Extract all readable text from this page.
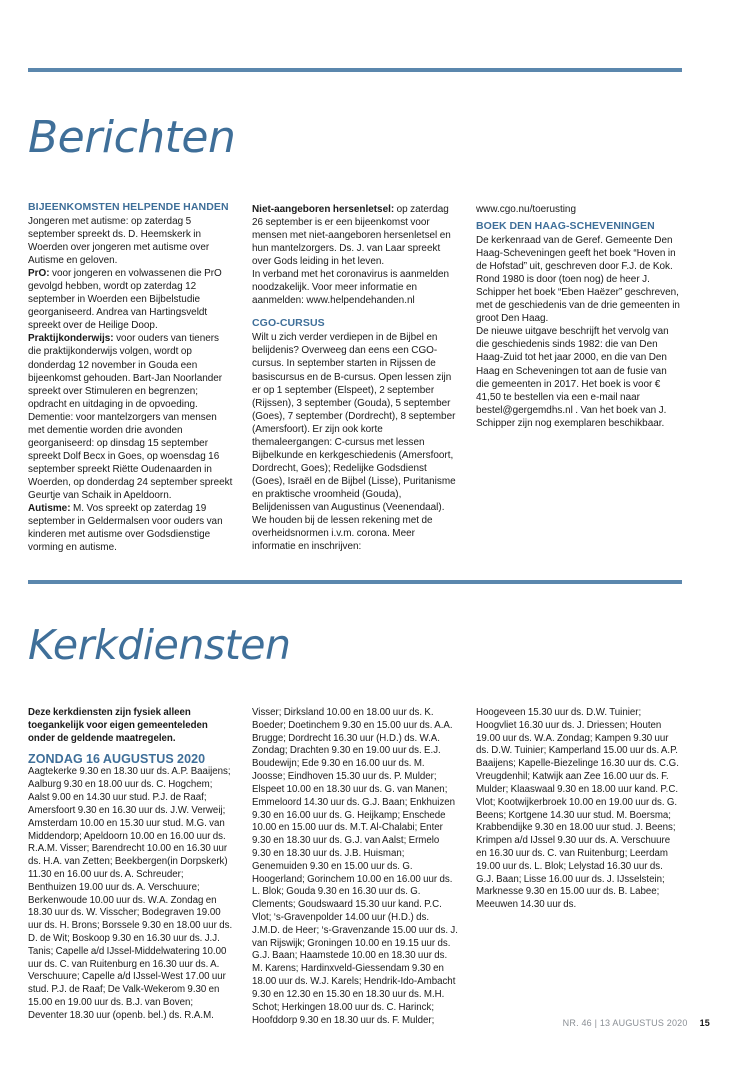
Berichten
BIJEENKOMSTEN HELPENDE HANDEN

Jongeren met autisme: op zaterdag 5 september spreekt ds. D. Heemskerk in Woerden over jongeren met autisme over Autisme en geloven.

PrO: voor jongeren en volwassenen die PrO gevolgd hebben, wordt op zaterdag 12 september in Woerden een Bijbelstudie georganiseerd. Andrea van Hartingsveldt spreekt over de Heilige Doop.

Praktijkonderwijs: voor ouders van tieners die praktijkonderwijs volgen, wordt op donderdag 12 november in Gouda een bijeenkomst gehouden. Bart-Jan Noorlander spreekt over Stimuleren en begrenzen; opdracht en uitdaging in de opvoeding.

Dementie: voor mantelzorgers van mensen met dementie worden drie avonden georganiseerd: op dinsdag 15 september spreekt Dolf Becx in Goes, op woensdag 16 september spreekt Riëtte Oudenaarden in Woerden, op donderdag 24 september spreekt Geurtje van Schaik in Apeldoorn.

Autisme: M. Vos spreekt op zaterdag 19 september in Geldermalsen voor ouders van kinderen met autisme over Godsdienstige vorming en autisme.

Niet-aangeboren hersenletsel: op zaterdag 26 september is er een bijeenkomst voor mensen met niet-aangeboren hersenletsel en hun mantelzorgers. Ds. J. van Laar spreekt over Gods leiding in het leven.

In verband met het coronavirus is aanmelden noodzakelijk. Voor meer informatie en aanmelden: www.helpendehanden.nl

CGO-CURSUS

Wilt u zich verder verdiepen in de Bijbel en belijdenis? Overweeg dan eens een CGO-cursus. In september starten in Rijssen de basiscursus en de B-cursus. Open lessen zijn er op 1 september (Elspeet), 2 september (Rijssen), 3 september (Gouda), 5 september (Goes), 7 september (Dordrecht), 8 september (Amersfoort). Er zijn ook korte themaleergangen: C-cursus met lessen Bijbelkunde en kerkgeschiedenis (Amersfoort, Dordrecht, Goes); Redelijke Godsdienst (Goes), Israël en de Bijbel (Lisse), Puritanisme en praktische vroomheid (Gouda), Belijdenissen van Augustinus (Veenendaal).

We houden bij de lessen rekening met de overheidsnormen i.v.m. corona. Meer informatie en inschrijven:

www.cgo.nu/toerusting

BOEK DEN HAAG-SCHEVENINGEN

De kerkenraad van de Geref. Gemeente Den Haag-Scheveningen geeft het boek “Hoven in de Hofstad” uit, geschreven door F.J. de Kok. Rond 1980 is door (toen nog) de heer J. Schipper het boek “Eben Haëzer” geschreven, met de geschiedenis van de drie gemeenten in groot Den Haag.

De nieuwe uitgave beschrijft het vervolg van die geschiedenis sinds 1982: die van Den Haag-Zuid tot het jaar 2000, en die van Den Haag en Scheveningen tot aan de fusie van die gemeenten in 2017. Het boek is voor € 41,50 te bestellen via een e-mail naar bestel@gergemdhs.nl . Van het boek van J. Schipper zijn nog exemplaren beschikbaar.

Kerkdiensten

Deze kerkdiensten zijn fysiek alleen toegankelijk voor eigen gemeenteleden onder de geldende maatregelen.

ZONDAG 16 AUGUSTUS 2020

Aagtekerke 9.30 en 18.30 uur ds. A.P. Baaijens; Aalburg 9.30 en 18.00 uur ds. C. Hogchem; Aalst 9.00 en 14.30 uur stud. P.J. de Raaf; Amersfoort 9.30 en 16.30 uur ds. J.W. Verweij; Amsterdam 10.00 en 15.30 uur stud. M.G. van Middendorp; Apeldoorn 10.00 en 16.00 uur ds. R.A.M. Visser; Barendrecht 10.00 en 16.30 uur ds. H.A. van Zetten; Beekbergen(in Dorpskerk) 11.30 en 16.00 uur ds. A. Schreuder; Benthuizen 19.00 uur ds. A. Verschuure; Berkenwoude 10.00 uur ds. W.A. Zondag en 18.30 uur ds. W. Visscher; Bodegraven 19.00 uur ds. H. Brons; Borssele 9.30 en 18.00 uur ds. D. de Wit; Boskoop 9.30 en 16.30 uur ds. J.J. Tanis; Capelle a/d IJssel-Middelwatering 10.00 uur ds. C. van Ruitenburg en 16.30 uur ds. A. Verschuure; Capelle a/d IJssel-West 17.00 uur stud. P.J. de Raaf; De Valk-Wekerom 9.30 en 15.00 en 19.00 uur ds. B.J. van Boven; Deventer 18.30 uur (openb. bel.) ds. R.A.M.

Visser; Dirksland 10.00 en 18.00 uur ds. K. Boeder; Doetinchem 9.30 en 15.00 uur ds. A.A. Brugge; Dordrecht 16.30 uur (H.D.) ds. W.A. Zondag; Drachten 9.30 en 19.00 uur ds. E.J. Boudewijn; Ede 9.30 en 16.00 uur ds. M. Joosse; Eindhoven 15.30 uur ds. P. Mulder; Elspeet 10.00 en 18.30 uur ds. G. van Manen; Emmeloord 14.30 uur ds. G.J. Baan; Enkhuizen 9.30 en 16.00 uur ds. G. Heijkamp; Enschede 10.00 en 15.00 uur ds. M.T. Al-Chalabi; Enter 9.30 en 18.30 uur ds. G.J. van Aalst; Ermelo 9.30 en 18.30 uur ds. J.B. Huisman; Genemuiden 9.30 en 15.00 uur ds. G. Hoogerland; Gorinchem 10.00 en 16.00 uur ds. L. Blok; Gouda 9.30 en 16.30 uur ds. G. Clements; Goudswaard 15.30 uur kand. P.C. Vlot; ‘s-Gravenpolder 14.00 uur (H.D.) ds. J.M.D. de Heer; ‘s-Gravenzande 15.00 uur ds. J. van Rijswijk; Groningen 10.00 en 19.15 uur ds. G.J. Baan; Haamstede 10.00 en 18.30 uur ds. M. Karens; Hardinxveld-Giessendam 9.30 en 18.00 uur ds. W.J. Karels; Hendrik-Ido-Ambacht 9.30 en 12.30 en 15.30 en 18.30 uur ds. M.H. Schot; Herkingen 18.00 uur ds. C. Harinck; Hoofddorp 9.30 en 18.30 uur ds. F. Mulder;

Hoogeveen 15.30 uur ds. D.W. Tuinier; Hoogvliet 16.30 uur ds. J. Driessen; Houten 19.00 uur ds. W.A. Zondag; Kampen 9.30 uur ds. D.W. Tuinier; Kamperland 15.00 uur ds. A.P. Baaijens; Kapelle-Biezelinge 16.30 uur ds. C.G. Vreugdenhil; Katwijk aan Zee 16.00 uur ds. F. Mulder; Klaaswaal 9.30 en 18.00 uur kand. P.C. Vlot; Kootwijkerbroek 10.00 en 19.00 uur ds. G. Beens; Kortgene 14.30 uur stud. M. Boersma; Krabbendijke 9.30 en 18.00 uur stud. J. Beens; Krimpen a/d IJssel 9.30 uur ds. A. Verschuure en 16.30 uur ds. C. van Ruitenburg; Leerdam 19.00 uur ds. L. Blok; Lelystad 16.30 uur ds. G.J. Baan; Lisse 16.00 uur ds. J. IJsselstein; Marknesse 9.30 en 15.00 uur ds. B. Labee; Meeuwen 14.30 uur ds.

NR. 46 | 13 AUGUSTUS 2020 15
